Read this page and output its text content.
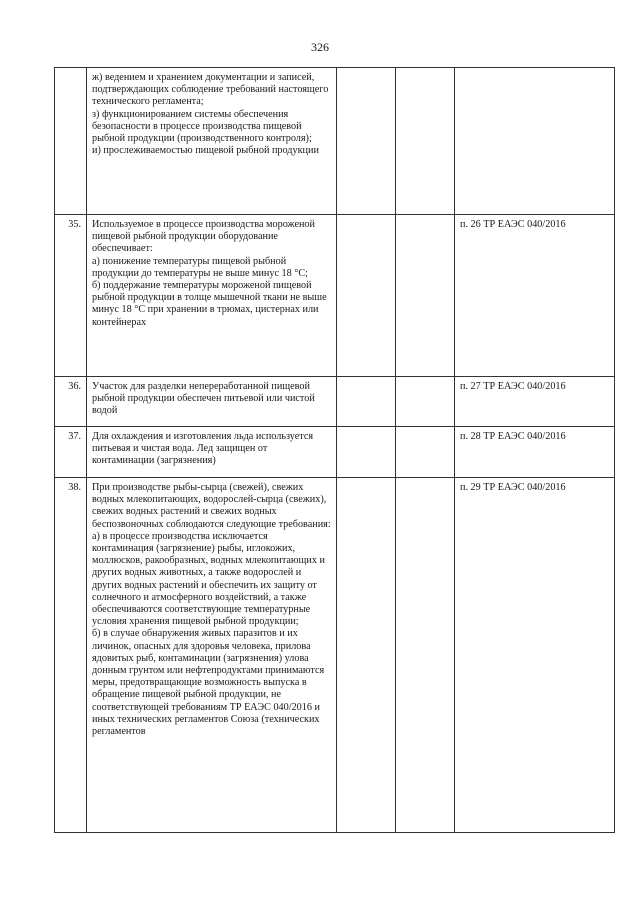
326
	ж) ведением и хранением документации и записей, подтверждающих соблюдение требований настоящего технического регламента;
з) функционированием системы обеспечения безопасности в процессе производства пищевой рыбной продукции (производственного контроля);
и) прослеживаемостью пищевой рыбной продукции			
35.	Используемое в процессе производства мороженой пищевой рыбной продукции оборудование обеспечивает:
а) понижение температуры пищевой рыбной продукции до температуры не выше минус 18 °С;
б) поддержание температуры мороженой пищевой рыбной продукции в толще мышечной ткани не выше минус 18 °С при хранении в трюмах, цистернах или контейнерах			п. 26 ТР ЕАЭС 040/2016
36.	Участок для разделки непереработанной пищевой рыбной продукции обеспечен питьевой или чистой водой			п. 27 ТР ЕАЭС 040/2016
37.	Для охлаждения и изготовления льда используется питьевая и чистая вода. Лед защищен от контаминации (загрязнения)			п. 28 ТР ЕАЭС 040/2016
38.	При производстве рыбы-сырца (свежей), свежих водных млекопитающих, водорослей-сырца (свежих), свежих водных растений и свежих водных беспозвоночных соблюдаются следующие требования:
а) в процессе производства исключается контаминация (загрязнение) рыбы, иглокожих, моллюсков, ракообразных, водных млекопитающих и других водных животных, а также водорослей и других водных растений и обеспечить их защиту от солнечного и атмосферного воздействий, а также обеспечиваются соответствующие температурные условия хранения пищевой рыбной продукции;
б) в случае обнаружения живых паразитов и их личинок, опасных для здоровья человека, прилова ядовитых рыб, контаминации (загрязнения) улова донным грунтом или нефтепродуктами принимаются меры, предотвращающие возможность выпуска в обращение пищевой рыбной продукции, не соответствующей требованиям ТР ЕАЭС 040/2016 и иных технических регламентов Союза (технических регламентов			п. 29 ТР ЕАЭС 040/2016
